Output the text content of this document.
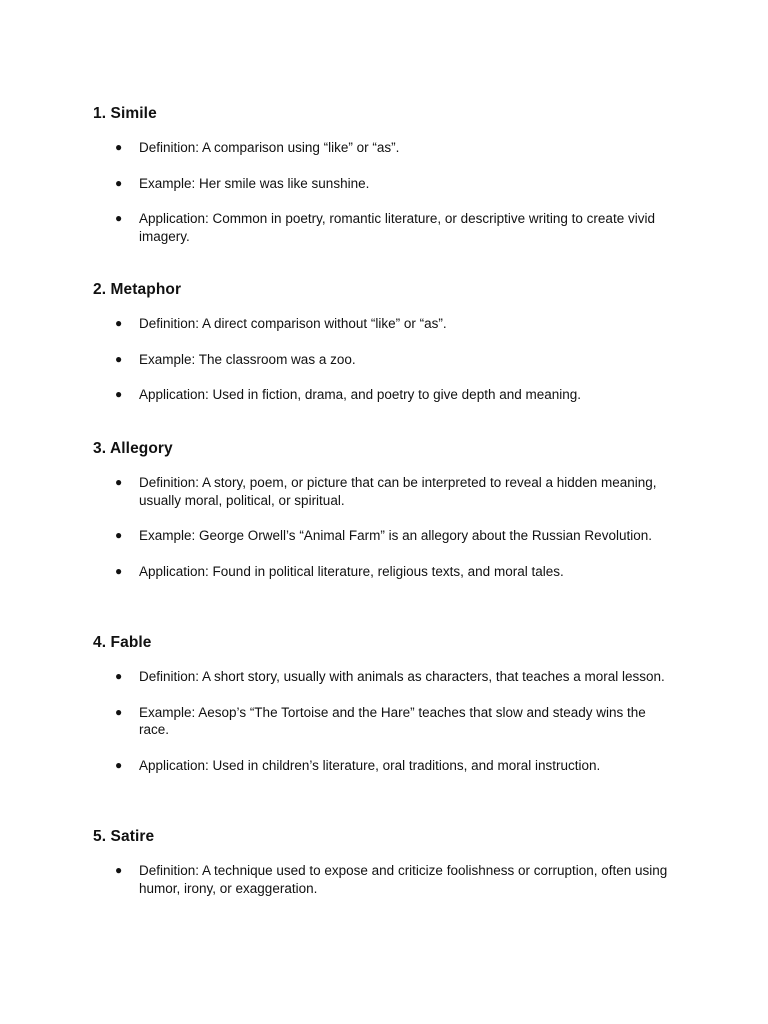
1. Simile
● Definition: A comparison using “like” or “as”.
● Example: Her smile was like sunshine.
● Application: Common in poetry, romantic literature, or descriptive writing to create vivid imagery.
2. Metaphor
● Definition: A direct comparison without “like” or “as”.
● Example: The classroom was a zoo.
● Application: Used in fiction, drama, and poetry to give depth and meaning.
3. Allegory
● Definition: A story, poem, or picture that can be interpreted to reveal a hidden meaning, usually moral, political, or spiritual.
● Example: George Orwell’s “Animal Farm” is an allegory about the Russian Revolution.
● Application: Found in political literature, religious texts, and moral tales.
4. Fable
● Definition: A short story, usually with animals as characters, that teaches a moral lesson.
● Example: Aesop’s “The Tortoise and the Hare” teaches that slow and steady wins the race.
● Application: Used in children’s literature, oral traditions, and moral instruction.
5. Satire
● Definition: A technique used to expose and criticize foolishness or corruption, often using humor, irony, or exaggeration.
